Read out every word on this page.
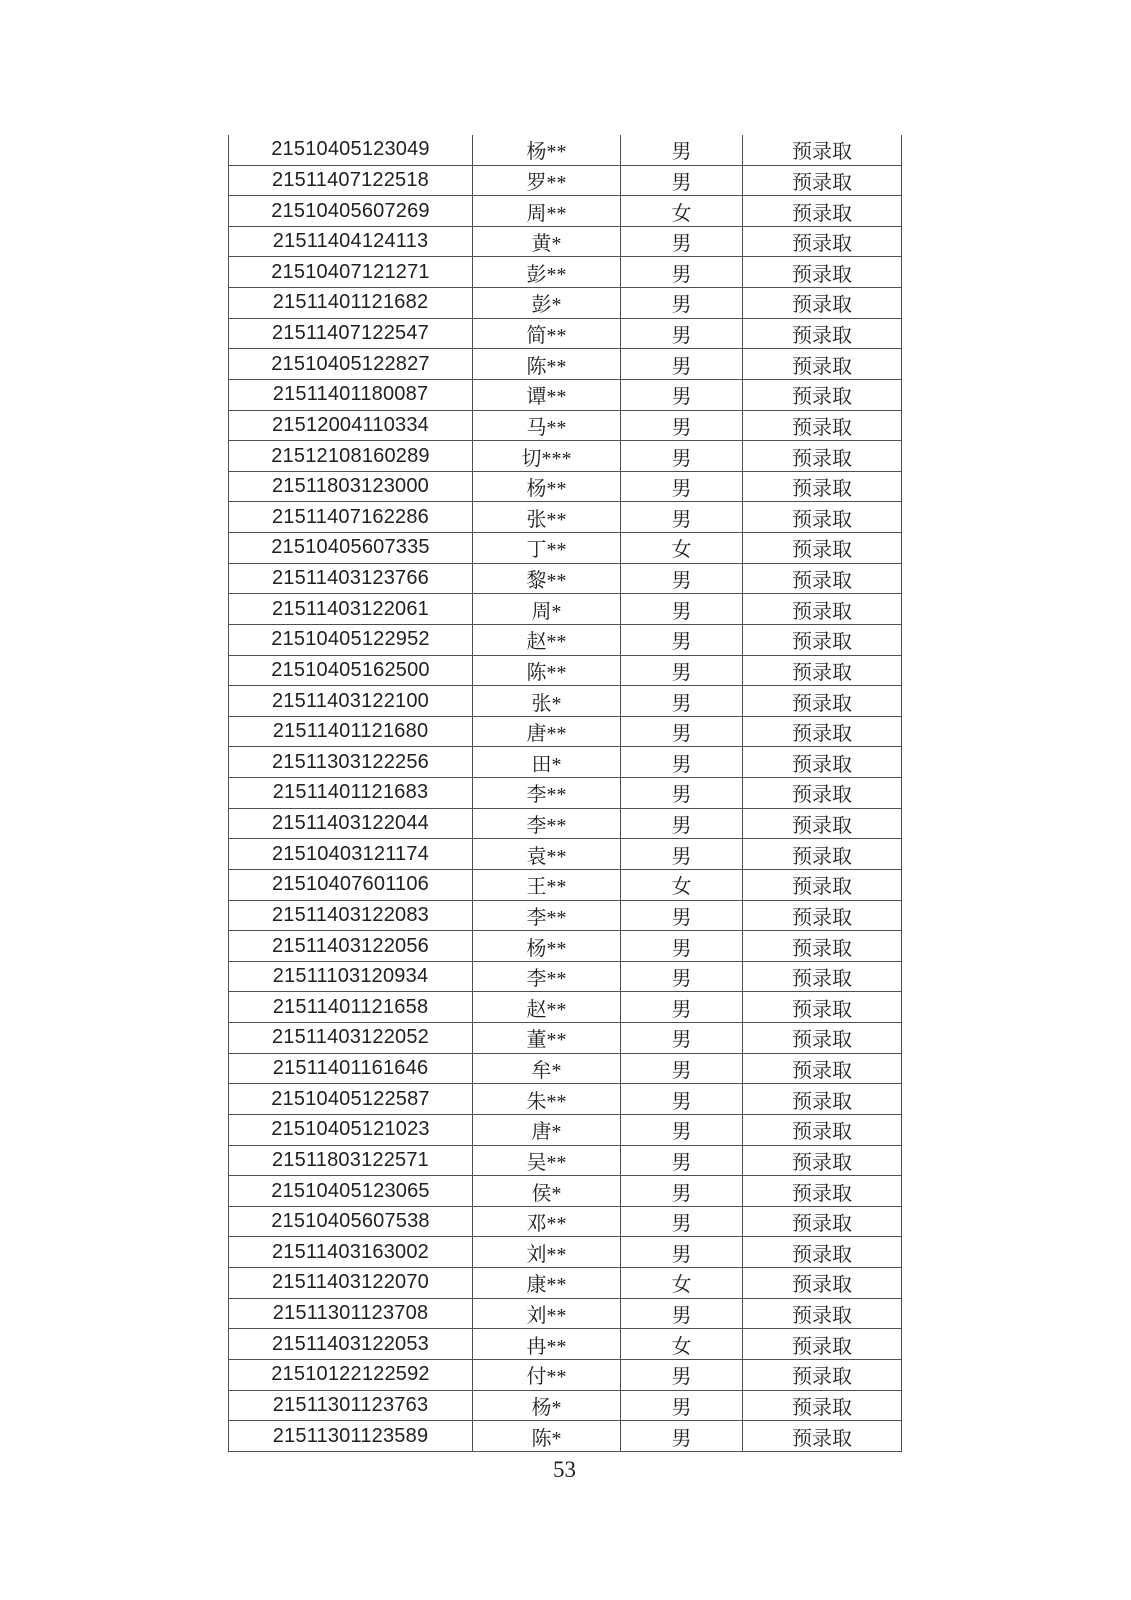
21510405123049	杨**	男	预录取
21511407122518	罗**	男	预录取
21510405607269	周**	女	预录取
21511404124113	黄*	男	预录取
21510407121271	彭**	男	预录取
21511401121682	彭*	男	预录取
21511407122547	简**	男	预录取
21510405122827	陈**	男	预录取
21511401180087	谭**	男	预录取
21512004110334	马**	男	预录取
21512108160289	切***	男	预录取
21511803123000	杨**	男	预录取
21511407162286	张**	男	预录取
21510405607335	丁**	女	预录取
21511403123766	黎**	男	预录取
21511403122061	周*	男	预录取
21510405122952	赵**	男	预录取
21510405162500	陈**	男	预录取
21511403122100	张*	男	预录取
21511401121680	唐**	男	预录取
21511303122256	田*	男	预录取
21511401121683	李**	男	预录取
21511403122044	李**	男	预录取
21510403121174	袁**	男	预录取
21510407601106	王**	女	预录取
21511403122083	李**	男	预录取
21511403122056	杨**	男	预录取
21511103120934	李**	男	预录取
21511401121658	赵**	男	预录取
21511403122052	董**	男	预录取
21511401161646	牟*	男	预录取
21510405122587	朱**	男	预录取
21510405121023	唐*	男	预录取
21511803122571	吴**	男	预录取
21510405123065	侯*	男	预录取
21510405607538	邓**	男	预录取
21511403163002	刘**	男	预录取
21511403122070	康**	女	预录取
21511301123708	刘**	男	预录取
21511403122053	冉**	女	预录取
21510122122592	付**	男	预录取
21511301123763	杨*	男	预录取
21511301123589	陈*	男	预录取
53
